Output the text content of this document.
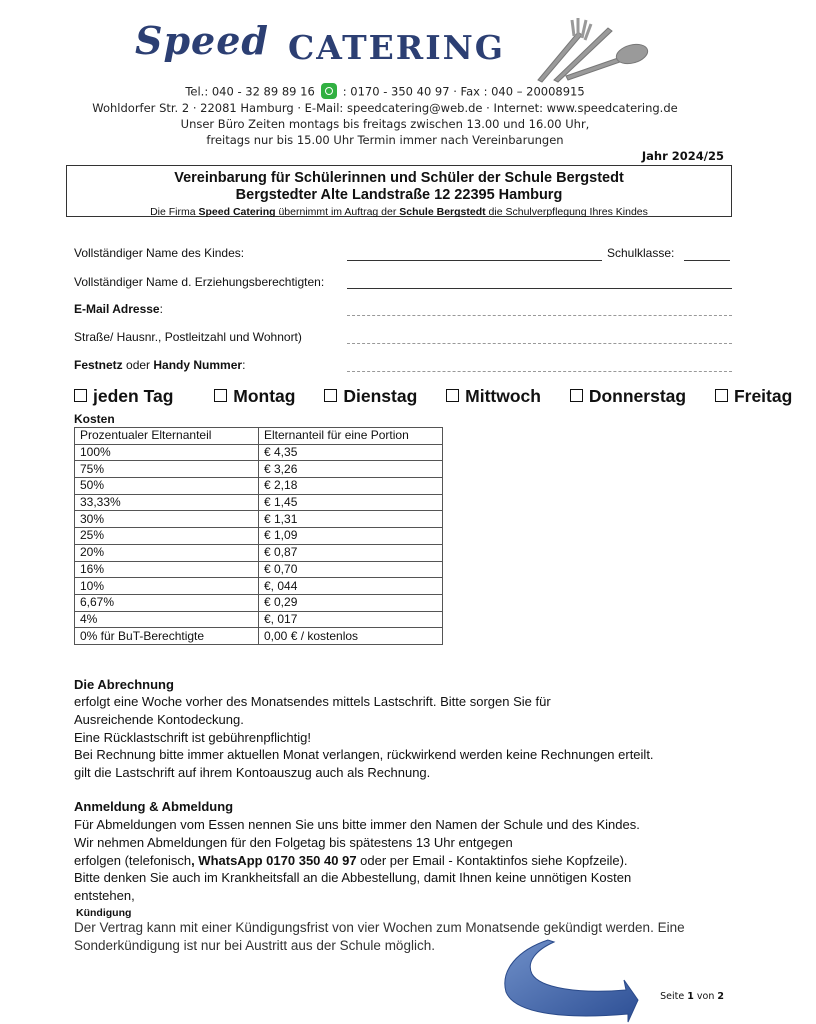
Speed CATERING
Tel.: 040 - 32 89 89 16 : 0170 - 350 40 97 · Fax : 040 – 20008915
Wohldorfer Str. 2 · 22081 Hamburg · E-Mail: speedcatering@web.de · Internet: www.speedcatering.de
Unser Büro Zeiten montags bis freitags zwischen 13.00 und 16.00 Uhr,
freitags nur bis 15.00 Uhr Termin immer nach Vereinbarungen
Jahr 2024/25
Vereinbarung für Schülerinnen und Schüler der Schule Bergstedt
Bergstedter Alte Landstraße 12 22395 Hamburg
Die Firma Speed Catering übernimmt im Auftrag der Schule Bergstedt die Schulverpflegung Ihres Kindes
Vollständiger Name des Kindes:	Schulklasse:
Vollständiger Name d. Erziehungsberechtigten:
E-Mail Adresse:
Straße/ Hausnr., Postleitzahl und Wohnort)
Festnetz oder Handy Nummer:
jeden Tag	Montag	Dienstag	Mittwoch	Donnerstag	Freitag
Kosten
Prozentualer Elternanteil	Elternanteil für eine Portion
100%	€ 4,35
75%	€ 3,26
50%	€ 2,18
33,33%	€ 1,45
30%	€ 1,31
25%	€ 1,09
20%	€ 0,87
16%	€ 0,70
10%	€, 044
6,67%	€ 0,29
4%	€, 017
0% für BuT-Berechtigte	0,00 € / kostenlos
Die Abrechnung
erfolgt eine Woche vorher des Monatsendes mittels Lastschrift. Bitte sorgen Sie für
Ausreichende Kontodeckung.
Eine Rücklastschrift ist gebührenpflichtig!
Bei Rechnung bitte immer aktuellen Monat verlangen, rückwirkend werden keine Rechnungen erteilt.
gilt die Lastschrift auf ihrem Kontoauszug auch als Rechnung.
Anmeldung & Abmeldung
Für Abmeldungen vom Essen nennen Sie uns bitte immer den Namen der Schule und des Kindes.
Wir nehmen Abmeldungen für den Folgetag bis spätestens 13 Uhr entgegen
erfolgen (telefonisch, WhatsApp 0170 350 40 97 oder per Email - Kontaktinfos siehe Kopfzeile).
Bitte denken Sie auch im Krankheitsfall an die Abbestellung, damit Ihnen keine unnötigen Kosten
entstehen,
Kündigung
Der Vertrag kann mit einer Kündigungsfrist von vier Wochen zum Monatsende gekündigt werden. Eine
Sonderkündigung ist nur bei Austritt aus der Schule möglich.
Seite 1 von 2
